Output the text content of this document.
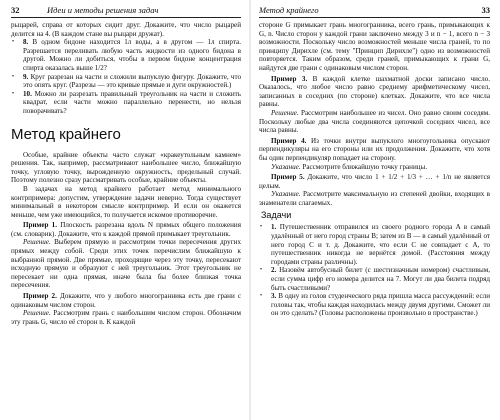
32	Идеи и методы решения задач

рыцарей, справа от которых сидит друг. Докажите, что число рыцарей делится на 4. (В каждом стане вы рыцари дружат).

• 8. В одном бидоне находится 1л воды, а в другом — 1л спирта. Разрешается переливать любую часть жидкости из одного бидона в другой. Можно ли добиться, чтобы в первом бидоне концентрация спирта оказалась выше 1/2?
• 9. Круг разрезан на части и сложили выпуклую фигуру. Докажите, что это опять круг. (Разрезы — это кривые прямые и дуги окружностей.)
• 10. Можно ли разрезать правильный треугольник на части и сложить квадрат, если части можно параллельно перенести, но нельзя поворачивать?
Метод крайнего

Особые, крайние объекты часто служат «кракеутольным камнем» решения. Так, например, рассматривают наибольшее число, ближайшую точку, угловую точку, вырожденную окружность, предельный случай. Поэтому полезно сразу рассматривать особые, крайние объекты.

В задачах на метод крайнего работает метод минимального контрпримера: допустим, утверждение задачи неверно. Тогда существует минимальный в некотором смысле контрпример. И если он окажется меньше, чем уже имеющийся, то получается искомое противоречие.

Пример 1. Плоскость разрезана вдоль N прямых общего положения (см. словарик). Докажите, что к каждой прямой примыкает треугольник.

Решение. Выберем прямую и рассмотрим точки пересечения других прямых между собой. Среди этих точек перечислим ближайшую к выбранной прямой. Две прямые, проходящие через эту точку, пересекают исходную прямую и образуют с ней треугольник. Этот треугольник не пересекает ни одна прямая, иначе была бы более близкая точка пересечения.

Пример 2. Докажите, что у любого многогранника есть две грани с одинаковым числом сторон.

Решение. Рассмотрим грань с наибольшим числом сторон. Обозначим эту грань G, число её сторон n. К каждой

Метод крайнего	33

стороне G примыкает грань многогранника, всего грань, примыкающих к G, n. Число сторон у каждой грани заключено между 3 и n − 1, всего n − 3 возможности. Поскольку число возможностей меньше числа граней, то по принципу Дирихле (см. тему "Принцип Дирихле") одно из возможностей повторяется. Таким образом, среди граней, примыкающих к грани G, найдутся две грани с одинаковым числом сторон.

Пример 3. В каждой клетке шахматной доски записано число. Оказалось, что любое число равно среднему арифметическому чисел, записанных в соседних (по стороне) клетках. Докажите, что все числа равны.

Решение. Рассмотрим наибольшее из чисел. Оно равно своим соседям. Поскольку любые два числа соединяются цепочкой соседних чисел, все числа равны.

Пример 4. Из точки внутри выпуклого многоугольника опускают перпендикуляры на его стороны или их продолжения. Докажите, что хотя бы один перпендикуляр попадает на сторону.

Указание. Рассмотрите ближайшую точку границы.

Пример 5. Докажите, что число 1 + 1/2 + 1/3 + … + 1/n не является целым.

Указание. Рассмотрите максимальную из степеней двойки, входящих в знаменатели слагаемых.

Задачи
• 1. Путешественник отправился из своего родного города A в самый удалённый от него город страны B; затем из B — в самый удалённый от него город C и т. д. Докажите, что если C не совпадает с A, то путешественник никогда не вернётся домой. (Расстояния между городами страны различны).
• 2. Назовём автобусный билет (с шестизначным номером) счастливым, если сумма цифр его номера делится на 7. Могут ли два билета подряд быть счастливыми?
• 3. В одну из голов студенческого ряда пришла масса рассуждений: если головы так, чтобы каждая находилась между двумя другими. Сможет ли он это сделать? (Головы расположены произвольно в пространстве.)
